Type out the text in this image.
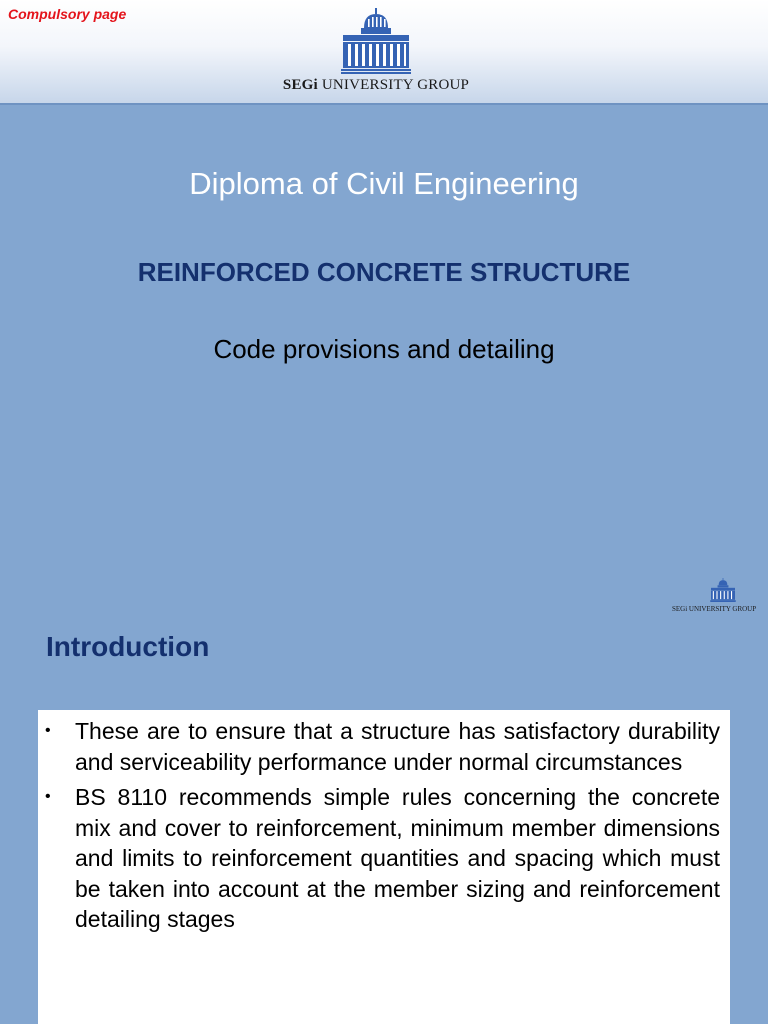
Compulsory page
SEGi UNIVERSITY GROUP
Diploma of Civil Engineering
REINFORCED CONCRETE STRUCTURE
Code provisions and detailing
SEGi UNIVERSITY GROUP
Introduction
• These are to ensure that a structure has satisfactory durability and serviceability performance under normal circumstances
• BS 8110 recommends simple rules concerning the concrete mix and cover to reinforcement, minimum member dimensions and limits to reinforcement quantities and spacing which must be taken into account at the member sizing and reinforcement detailing stages
